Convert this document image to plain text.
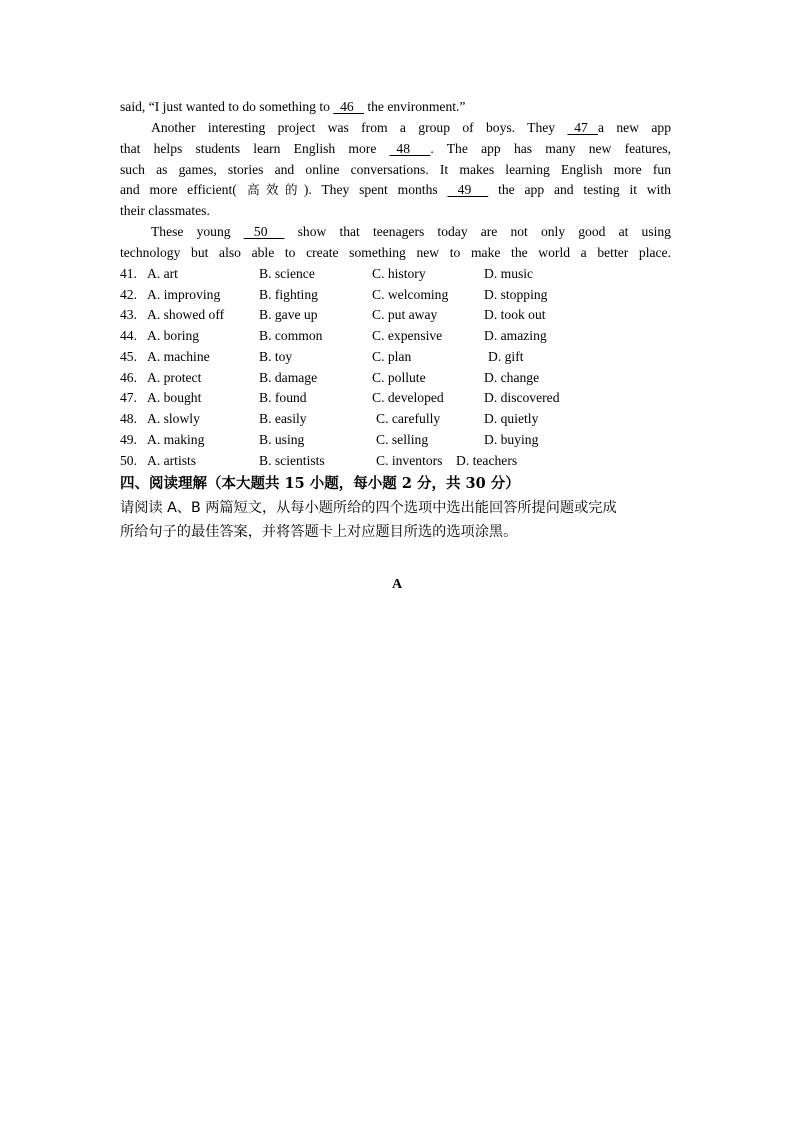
said, “I just wanted to do something to   46    the environment.”
Another interesting project was from a group of boys. They   47   a new app
that helps students learn English more   48      . The app has many new features,
such as games, stories and online conversations. It makes learning English more fun
and more efficient( 高效的). They spent months    49      the app and testing it with
their classmates.
These young    50      show that teenagers today are not only good at using
technology but also able to create something new to make the world a better place.
41. A. art	B. science	C. history	D. music
42. A. improving	B. fighting	C. welcoming	D. stopping
43. A. showed off	B. gave up	C. put away	D. took out
44. A. boring	B. common	C. expensive	D. amazing
45. A. machine	B. toy	C. plan	D. gift
46. A. protect	B. damage	C. pollute	D. change
47. A. bought	B. found	C. developed	D. discovered
48. A. slowly	B. easily	C. carefully	D. quietly
49. A. making	B. using	C. selling	D. buying
50. A. artists	B. scientists	C. inventors D. teachers
四、阅读理解（本大题共 15 小题，每小题 2 分，共 30 分）
请阅读 A、B 两篇短文，从每小题所给的四个选项中选出能回答所提问题或完成
所给句子的最佳答案，并将答题卡上对应题目所选的选项涂黑。
A
